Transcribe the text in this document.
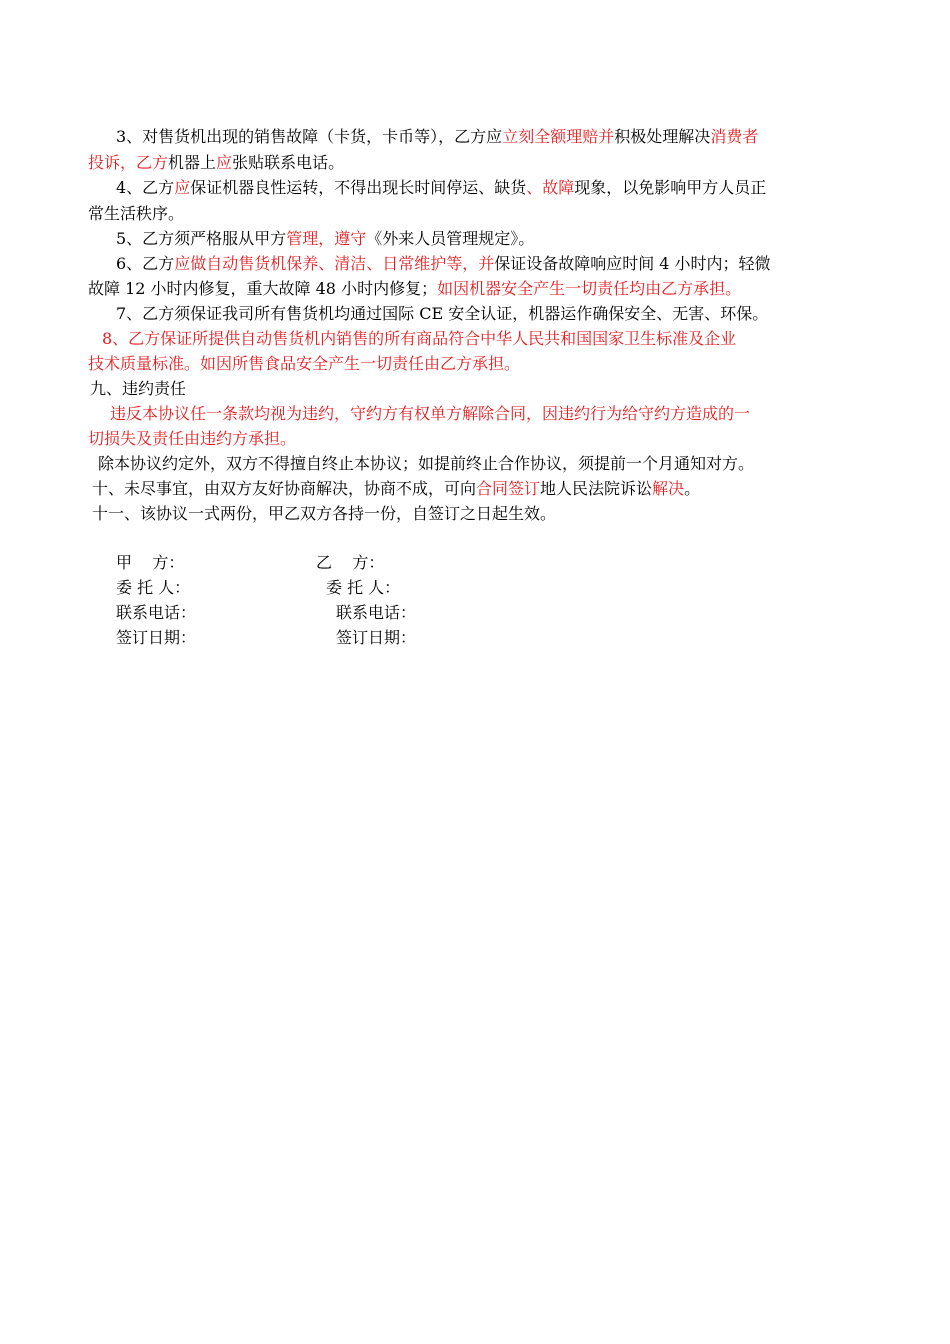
3、对售货机出现的销售故障（卡货，卡币等），乙方应立刻全额理赔并积极处理解决消费者
投诉，乙方机器上应张贴联系电话。
4、乙方应保证机器良性运转，不得出现长时间停运、缺货、故障现象，以免影响甲方人员正
常生活秩序。
5、乙方须严格服从甲方管理，遵守《外来人员管理规定》。
6、乙方应做自动售货机保养、清洁、日常维护等，并保证设备故障响应时间 4 小时内；轻微
故障 12 小时内修复，重大故障 48 小时内修复；如因机器安全产生一切责任均由乙方承担。
7、乙方须保证我司所有售货机均通过国际 CE 安全认证，机器运作确保安全、无害、环保。
8、乙方保证所提供自动售货机内销售的所有商品符合中华人民共和国国家卫生标准及企业
技术质量标准。如因所售食品安全产生一切责任由乙方承担。
九、违约责任
违反本协议任一条款均视为违约，守约方有权单方解除合同，因违约行为给守约方造成的一
切损失及责任由违约方承担。
除本协议约定外，双方不得擅自终止本协议；如提前终止合作协议，须提前一个月通知对方。
十、未尽事宜，由双方友好协商解决，协商不成，可向合同签订地人民法院诉讼解决。
十一、该协议一式两份，甲乙双方各持一份，自签订之日起生效。
甲    方：	乙    方：
委 托 人：	委 托 人：
联系电话：	联系电话：
签订日期：	签订日期：
